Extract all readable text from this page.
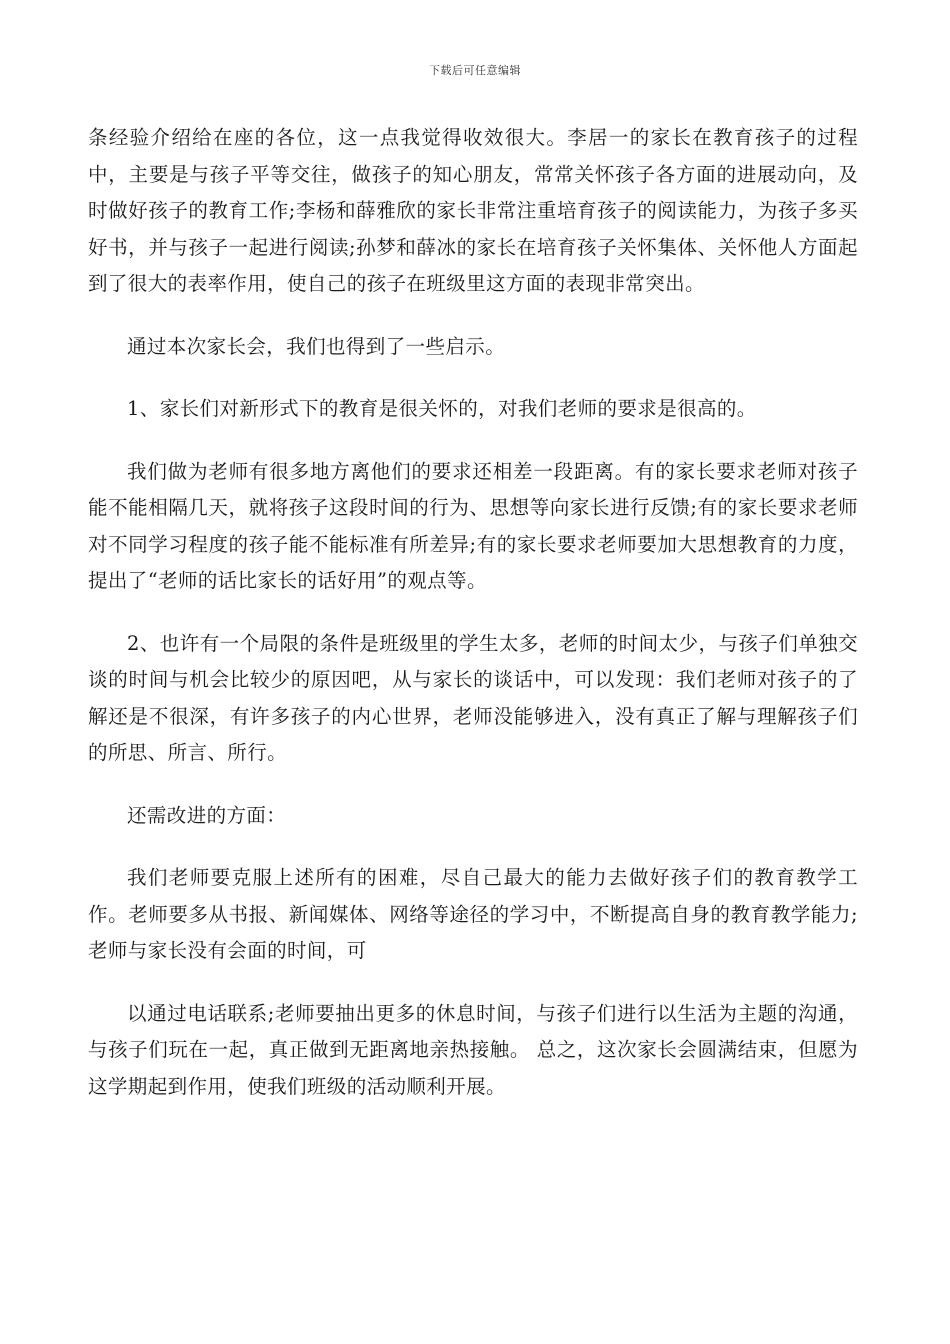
下载后可任意编辑

条经验介绍给在座的各位，这一点我觉得收效很大。李居一的家长在教育孩子的过程中，主要是与孩子平等交往，做孩子的知心朋友，常常关怀孩子各方面的进展动向，及时做好孩子的教育工作;李杨和薛雅欣的家长非常注重培育孩子的阅读能力，为孩子多买好书，并与孩子一起进行阅读;孙梦和薛冰的家长在培育孩子关怀集体、关怀他人方面起到了很大的表率作用，使自己的孩子在班级里这方面的表现非常突出。

通过本次家长会，我们也得到了一些启示。

1、家长们对新形式下的教育是很关怀的，对我们老师的要求是很高的。

我们做为老师有很多地方离他们的要求还相差一段距离。有的家长要求老师对孩子能不能相隔几天，就将孩子这段时间的行为、思想等向家长进行反馈;有的家长要求老师对不同学习程度的孩子能不能标准有所差异;有的家长要求老师要加大思想教育的力度，提出了“老师的话比家长的话好用”的观点等。

2、也许有一个局限的条件是班级里的学生太多，老师的时间太少，与孩子们单独交谈的时间与机会比较少的原因吧，从与家长的谈话中，可以发现：我们老师对孩子的了解还是不很深，有许多孩子的内心世界，老师没能够进入，没有真正了解与理解孩子们的所思、所言、所行。

还需改进的方面：

我们老师要克服上述所有的困难，尽自己最大的能力去做好孩子们的教育教学工作。老师要多从书报、新闻媒体、网络等途径的学习中，不断提高自身的教育教学能力;老师与家长没有会面的时间，可

以通过电话联系;老师要抽出更多的休息时间，与孩子们进行以生活为主题的沟通，与孩子们玩在一起，真正做到无距离地亲热接触。 总之，这次家长会圆满结束，但愿为这学期起到作用，使我们班级的活动顺利开展。
